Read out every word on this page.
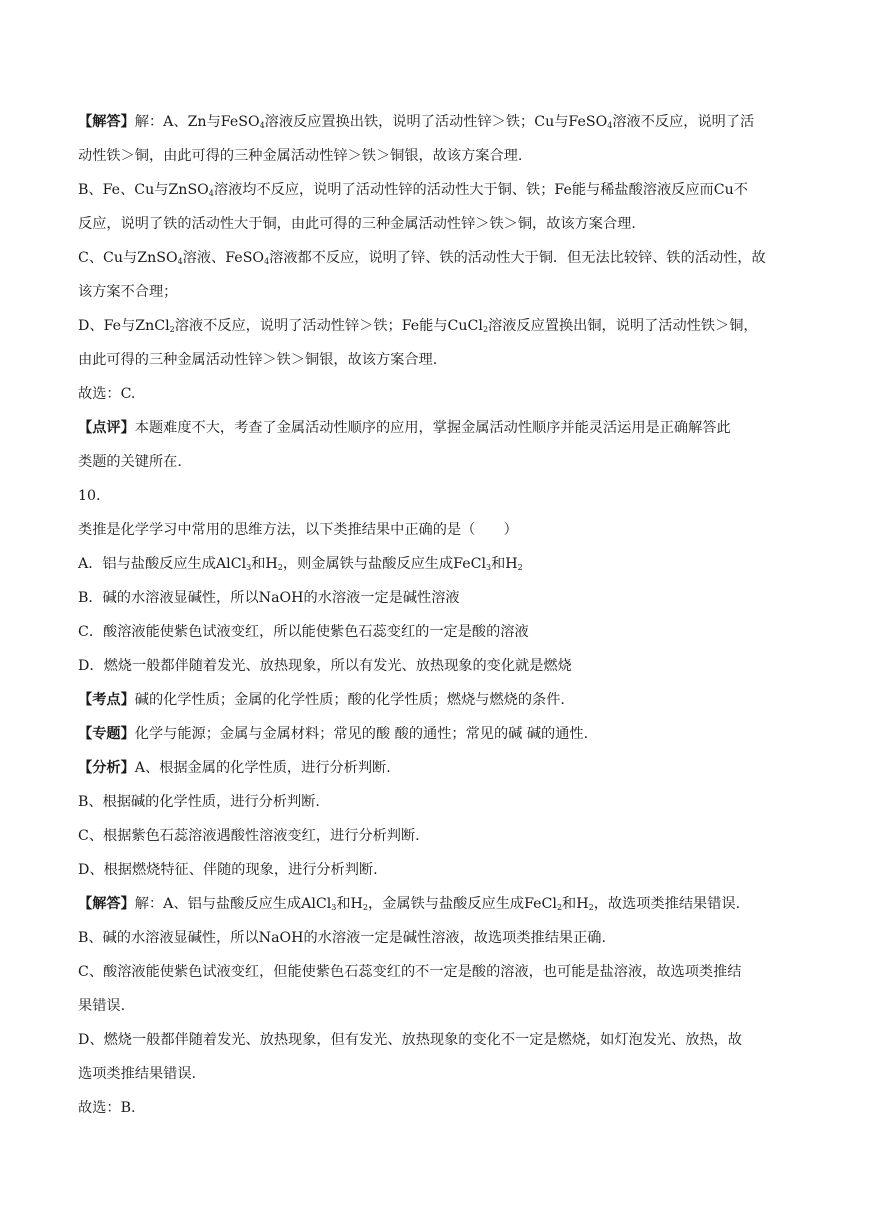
【解答】解：A、Zn与FeSO$_4$溶液反应置换出铁，说明了活动性锌＞铁；Cu与FeSO$_4$溶液不反应，说明了活
动性铁＞铜，由此可得的三种金属活动性锌＞铁＞铜银，故该方案合理.
B、Fe、Cu与ZnSO$_4$溶液均不反应，说明了活动性锌的活动性大于铜、铁；Fe能与稀盐酸溶液反应而Cu不
反应，说明了铁的活动性大于铜，由此可得的三种金属活动性锌＞铁＞铜，故该方案合理.
C、Cu与ZnSO$_4$溶液、FeSO$_4$溶液都不反应，说明了锌、铁的活动性大于铜．但无法比较锌、铁的活动性，故
该方案不合理；
D、Fe与ZnCl$_2$溶液不反应，说明了活动性锌＞铁；Fe能与CuCl$_2$溶液反应置换出铜，说明了活动性铁＞铜，
由此可得的三种金属活动性锌＞铁＞铜银，故该方案合理.
故选：C.
【点评】本题难度不大，考查了金属活动性顺序的应用，掌握金属活动性顺序并能灵活运用是正确解答此
类题的关键所在.
10.
类推是化学学习中常用的思维方法，以下类推结果中正确的是（　　）
A．铝与盐酸反应生成AlCl$_3$和$H_2$，则金属铁与盐酸反应生成FeCl$_3$和$H_2$
B．碱的水溶液显碱性，所以NaOH的水溶液一定是碱性溶液
C．酸溶液能使紫色试液变红，所以能使紫色石蕊变红的一定是酸的溶液
D．燃烧一般都伴随着发光、放热现象，所以有发光、放热现象的变化就是燃烧
【考点】碱的化学性质；金属的化学性质；酸的化学性质；燃烧与燃烧的条件.
【专题】化学与能源；金属与金属材料；常见的酸 酸的通性；常见的碱 碱的通性.
【分析】A、根据金属的化学性质，进行分析判断.
B、根据碱的化学性质，进行分析判断.
C、根据紫色石蕊溶液遇酸性溶液变红，进行分析判断.
D、根据燃烧特征、伴随的现象，进行分析判断.
【解答】解：A、铝与盐酸反应生成AlCl$_3$和$H_2$，金属铁与盐酸反应生成FeCl$_2$和$H_2$，故选项类推结果错误.
B、碱的水溶液显碱性，所以NaOH的水溶液一定是碱性溶液，故选项类推结果正确.
C、酸溶液能使紫色试液变红，但能使紫色石蕊变红的不一定是酸的溶液，也可能是盐溶液，故选项类推结
果错误.
D、燃烧一般都伴随着发光、放热现象，但有发光、放热现象的变化不一定是燃烧，如灯泡发光、放热，故
选项类推结果错误.
故选：B.
